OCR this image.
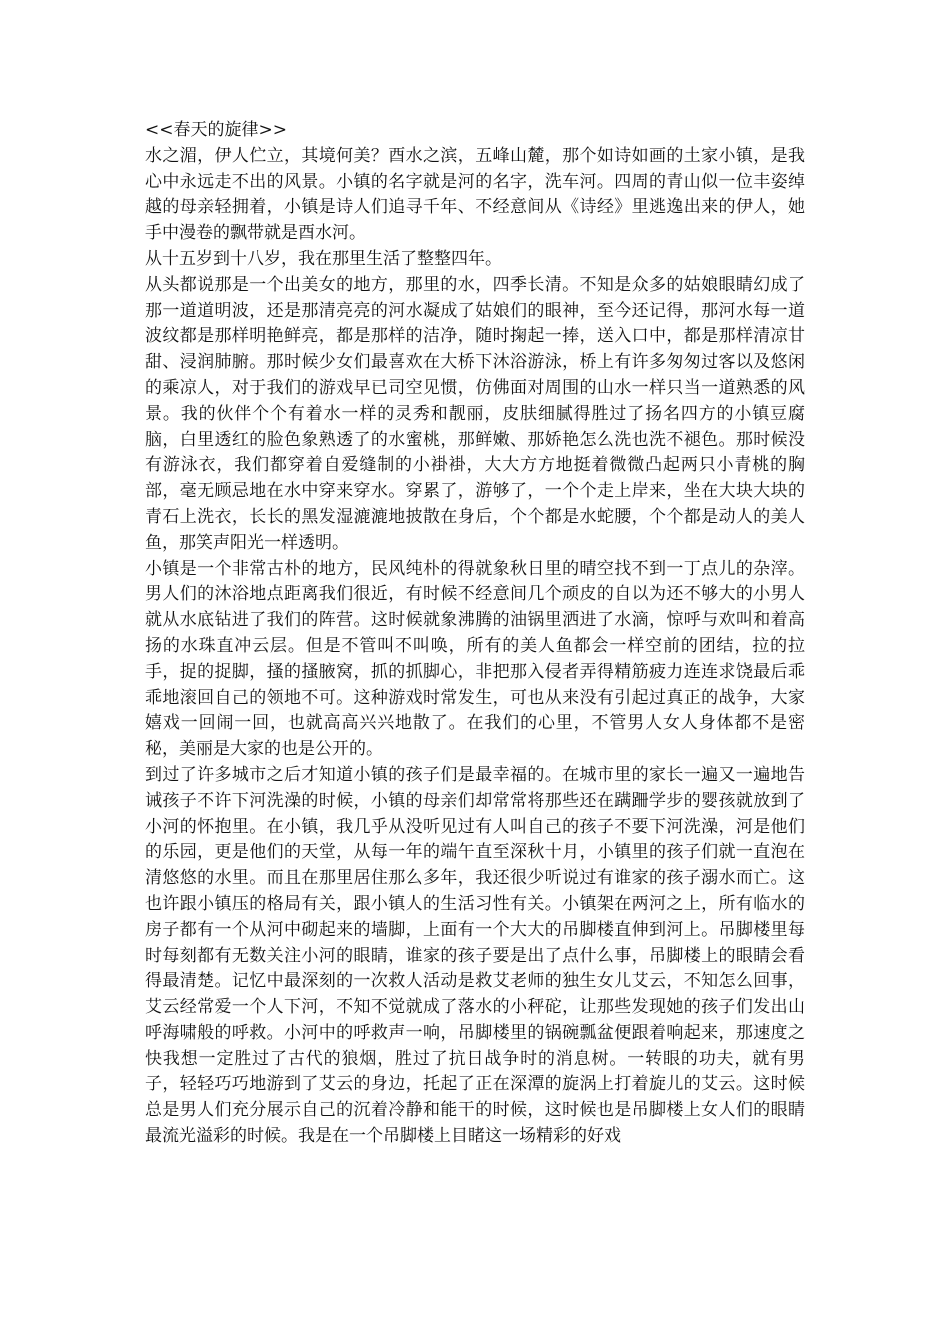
<<春天的旋律>>

水之湄，伊人伫立，其境何美？酉水之滨，五峰山麓，那个如诗如画的土家小镇，是我心中永远走不出的风景。小镇的名字就是河的名字，洗车河。四周的青山似一位丰姿绰越的母亲轻拥着，小镇是诗人们追寻千年、不经意间从《诗经》里逃逸出来的伊人，她手中漫卷的飘带就是酉水河。

从十五岁到十八岁，我在那里生活了整整四年。

从头都说那是一个出美女的地方，那里的水，四季长清。不知是众多的姑娘眼睛幻成了那一道道明波，还是那清亮亮的河水凝成了姑娘们的眼神，至今还记得，那河水每一道波纹都是那样明艳鲜亮，都是那样的洁净，随时掬起一捧，送入口中，都是那样清凉甘甜、浸润肺腑。那时候少女们最喜欢在大桥下沐浴游泳，桥上有许多匆匆过客以及悠闲的乘凉人，对于我们的游戏早已司空见惯，仿佛面对周围的山水一样只当一道熟悉的风景。我的伙伴个个有着水一样的灵秀和靓丽，皮肤细腻得胜过了扬名四方的小镇豆腐脑，白里透红的脸色象熟透了的水蜜桃，那鲜嫩、那娇艳怎么洗也洗不褪色。那时候没有游泳衣，我们都穿着自爱缝制的小褂褂，大大方方地挺着微微凸起两只小青桃的胸部，毫无顾忌地在水中穿来穿水。穿累了，游够了，一个个走上岸来，坐在大块大块的青石上洗衣，长长的黑发湿漉漉地披散在身后，个个都是水蛇腰，个个都是动人的美人鱼，那笑声阳光一样透明。

小镇是一个非常古朴的地方，民风纯朴的得就象秋日里的晴空找不到一丁点儿的杂滓。男人们的沐浴地点距离我们很近，有时候不经意间几个顽皮的自以为还不够大的小男人就从水底钻进了我们的阵营。这时候就象沸腾的油锅里洒进了水滴，惊呼与欢叫和着高扬的水珠直冲云层。但是不管叫不叫唤，所有的美人鱼都会一样空前的团结，拉的拉手，捉的捉脚，搔的搔腋窝，抓的抓脚心，非把那入侵者弄得精筋疲力连连求饶最后乖乖地滚回自己的领地不可。这种游戏时常发生，可也从来没有引起过真正的战争，大家嬉戏一回闹一回，也就高高兴兴地散了。在我们的心里，不管男人女人身体都不是密秘，美丽是大家的也是公开的。

到过了许多城市之后才知道小镇的孩子们是最幸福的。在城市里的家长一遍又一遍地告诫孩子不许下河洗澡的时候，小镇的母亲们却常常将那些还在蹒跚学步的婴孩就放到了小河的怀抱里。在小镇，我几乎从没听见过有人叫自己的孩子不要下河洗澡，河是他们的乐园，更是他们的天堂，从每一年的端午直至深秋十月，小镇里的孩子们就一直泡在清悠悠的水里。而且在那里居住那么多年，我还很少听说过有谁家的孩子溺水而亡。这也许跟小镇压的格局有关，跟小镇人的生活习性有关。小镇架在两河之上，所有临水的房子都有一个从河中砌起来的墙脚，上面有一个大大的吊脚楼直伸到河上。吊脚楼里每时每刻都有无数关注小河的眼睛，谁家的孩子要是出了点什么事，吊脚楼上的眼睛会看得最清楚。记忆中最深刻的一次救人活动是救艾老师的独生女儿艾云，不知怎么回事，艾云经常爱一个人下河，不知不觉就成了落水的小秤砣，让那些发现她的孩子们发出山呼海啸般的呼救。小河中的呼救声一响，吊脚楼里的锅碗瓢盆便跟着响起来，那速度之快我想一定胜过了古代的狼烟，胜过了抗日战争时的消息树。一转眼的功夫，就有男子，轻轻巧巧地游到了艾云的身边，托起了正在深潭的旋涡上打着旋儿的艾云。这时候总是男人们充分展示自己的沉着冷静和能干的时候，这时候也是吊脚楼上女人们的眼睛最流光溢彩的时候。我是在一个吊脚楼上目睹这一场精彩的好戏
